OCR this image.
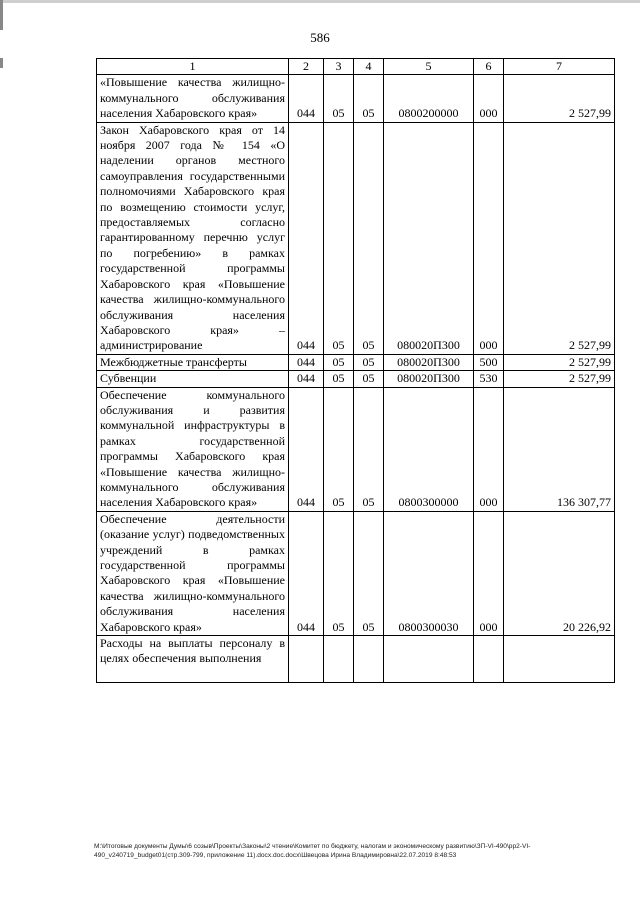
586
1	2	3	4	5	6	7
«Повышение качества жилищно-коммунального обслуживания населения Хабаровского края»	044	05	05	0800200000	000	2 527,99
Закон Хабаровского края от 14 ноября 2007 года № 154 «О наделении органов местного самоуправления государственными полномочиями Хабаровского края по возмещению стоимости услуг, предоставляемых согласно гарантированному перечню услуг по погребению» в рамках государственной программы Хабаровского края «Повышение качества жилищно-коммунального обслуживания населения Хабаровского края» – администрирование	044	05	05	080020П300	000	2 527,99
Межбюджетные трансферты	044	05	05	080020П300	500	2 527,99
Субвенции	044	05	05	080020П300	530	2 527,99
Обеспечение коммунального обслуживания и развития коммунальной инфраструктуры в рамках государственной программы Хабаровского края «Повышение качества жилищно-коммунального обслуживания населения Хабаровского края»	044	05	05	0800300000	000	136 307,77
Обеспечение деятельности (оказание услуг) подведомственных учреждений в рамках государственной программы Хабаровского края «Повышение качества жилищно-коммунального обслуживания населения Хабаровского края»	044	05	05	0800300030	000	20 226,92
Расходы на выплаты персоналу в целях обеспечения выполнения						
М:\Итоговые документы Думы\6 созыв\Проекты\Законы\2 чтение\Комитет по бюджету, налогам и экономическому развитию\ЗП-VI-490\рр2-VI-490_v240719_budget01(стр.309-799, приложение 11).docx.doc.docx\Швецова Ирина Владимировна\22.07.2019 8:48:53
